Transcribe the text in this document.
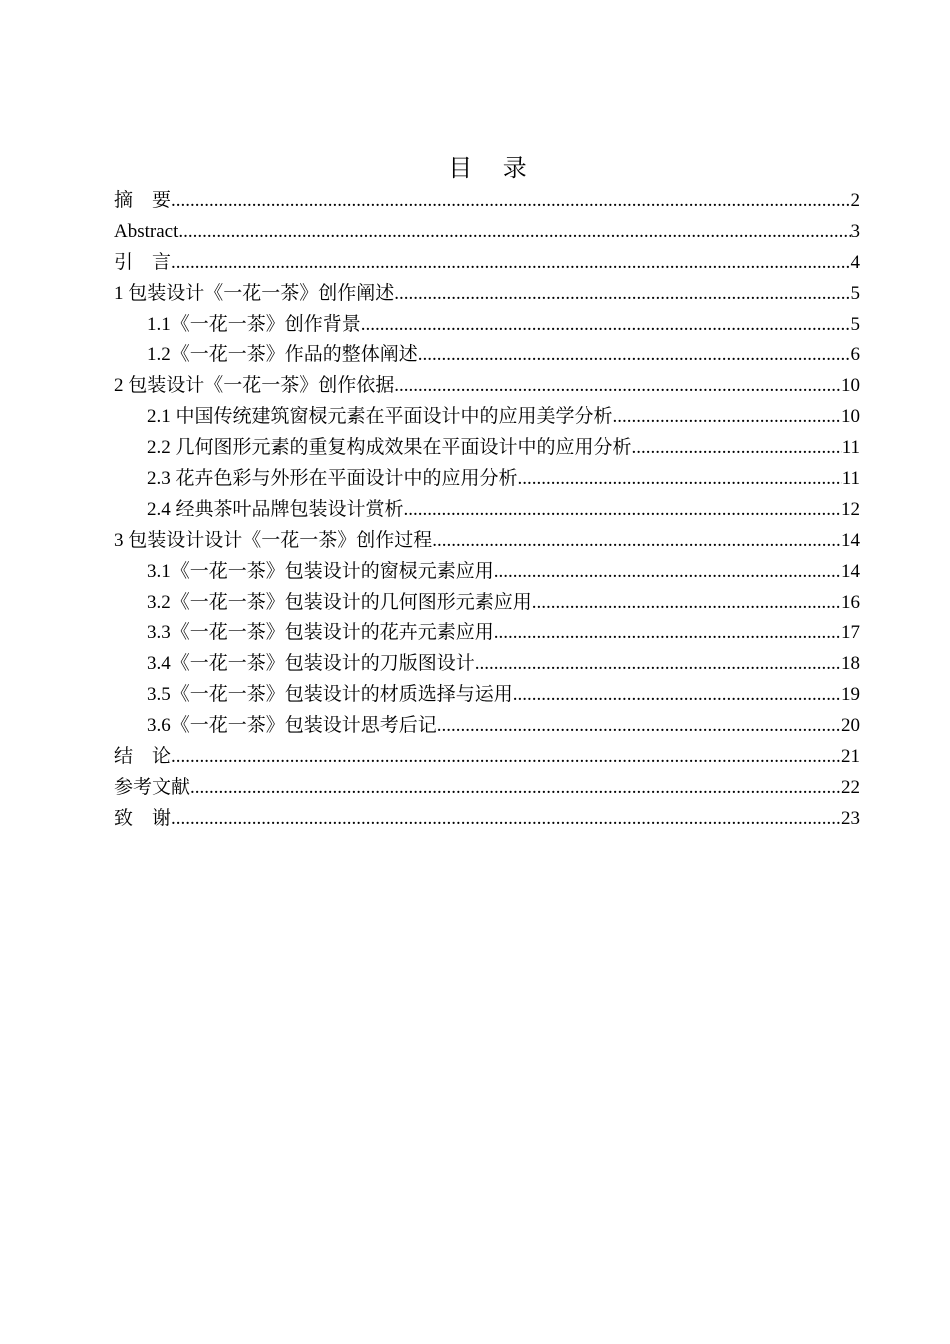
目    录
摘    要 .....	2
Abstract .....	3
引    言 .....	4
1 包装设计《一花一茶》创作阐述 .....	5
1.1《一花一茶》创作背景 .....	5
1.2《一花一茶》作品的整体阐述 .....	6
2 包装设计《一花一茶》创作依据 .....	10
2.1 中国传统建筑窗棂元素在平面设计中的应用美学分析 .....	10
2.2 几何图形元素的重复构成效果在平面设计中的应用分析 .....	11
2.3 花卉色彩与外形在平面设计中的应用分析 .....	11
2.4 经典茶叶品牌包装设计赏析 .....	12
3 包装设计设计《一花一茶》创作过程 .....	14
3.1《一花一茶》包装设计的窗棂元素应用 .....	14
3.2《一花一茶》包装设计的几何图形元素应用 .....	16
3.3《一花一茶》包装设计的花卉元素应用 .....	17
3.4《一花一茶》包装设计的刀版图设计 .....	18
3.5《一花一茶》包装设计的材质选择与运用 .....	19
3.6《一花一茶》包装设计思考后记 .....	20
结    论 .....	21
参考文献 .....	22
致    谢 .....	23
